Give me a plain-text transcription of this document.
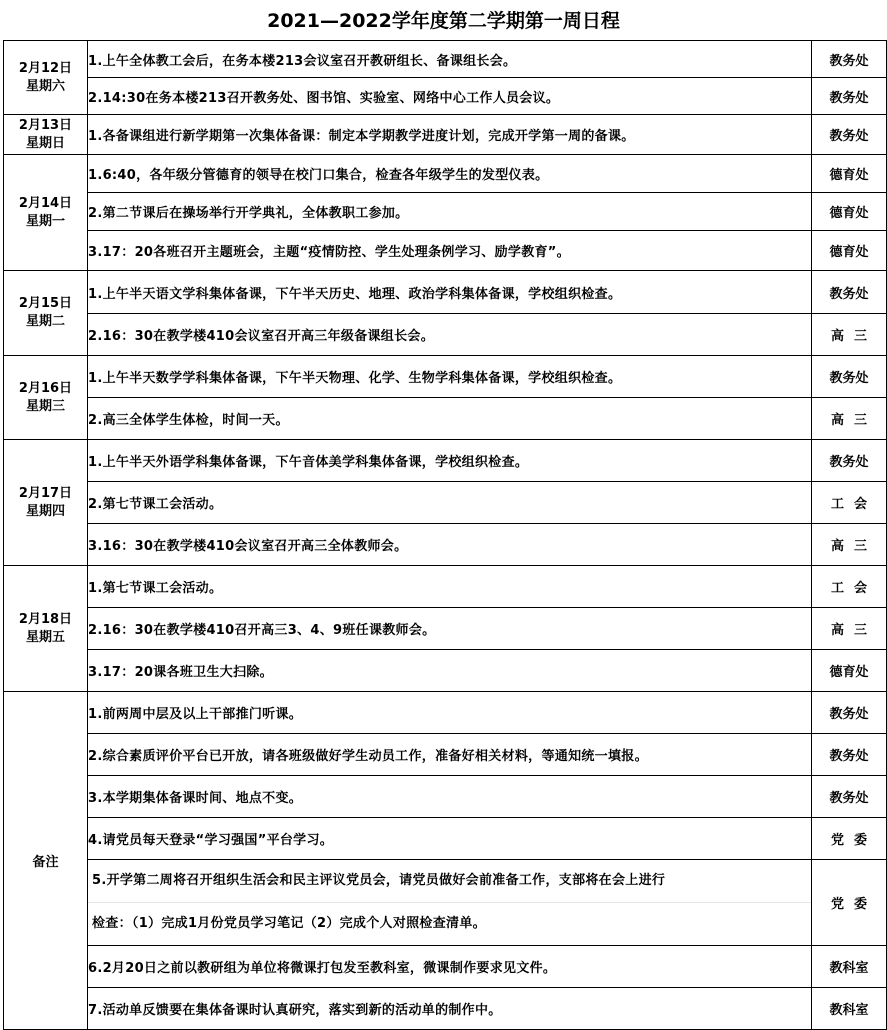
2021—2022学年度第二学期第一周日程
2月12日
星期六	1.上午全体教工会后，在务本楼213会议室召开教研组长、备课组长会。	教务处
	2.14:30在务本楼213召开教务处、图书馆、实验室、网络中心工作人员会议。	教务处

2月13日
星期日	1.各备课组进行新学期第一次集体备课：制定本学期教学进度计划，完成开学第一周的备课。	教务处

2月14日
星期一	1.6:40，各年级分管德育的领导在校门口集合，检查各年级学生的发型仪表。	德育处
	2.第二节课后在操场举行开学典礼，全体教职工参加。	德育处
	3.17：20各班召开主题班会，主题“疫情防控、学生处理条例学习、励学教育”。	德育处

2月15日
星期二	1.上午半天语文学科集体备课，下午半天历史、地理、政治学科集体备课，学校组织检查。	教务处
	2.16：30在教学楼410会议室召开高三年级备课组长会。	高三

2月16日
星期三	1.上午半天数学学科集体备课，下午半天物理、化学、生物学科集体备课，学校组织检查。	教务处
	2.高三全体学生体检，时间一天。	高三

2月17日
星期四	1.上午半天外语学科集体备课，下午音体美学科集体备课，学校组织检查。	教务处
	2.第七节课工会活动。	工会
	3.16：30在教学楼410会议室召开高三全体教师会。	高三

2月18日
星期五	1.第七节课工会活动。	工会
	2.16：30在教学楼410召开高三3、4、9班任课教师会。	高三
	3.17：20课各班卫生大扫除。	德育处
备注	1.前两周中层及以上干部推门听课。	教务处
	2.综合素质评价平台已开放，请各班级做好学生动员工作，准备好相关材料，等通知统一填报。	教务处
	3.本学期集体备课时间、地点不变。	教务处
	4.请党员每天登录“学习强国”平台学习。	党委

	5.开学第二周将召开组织生活会和民主评议党员会，请党员做好会前准备工作，支部将在会上进行
检查：（1）完成1月份党员学习笔记（2）完成个人对照检查清单。	党委
	6.2月20日之前以教研组为单位将微课打包发至教科室，微课制作要求见文件。	教科室
	7.活动单反馈要在集体备课时认真研究，落实到新的活动单的制作中。	教科室
